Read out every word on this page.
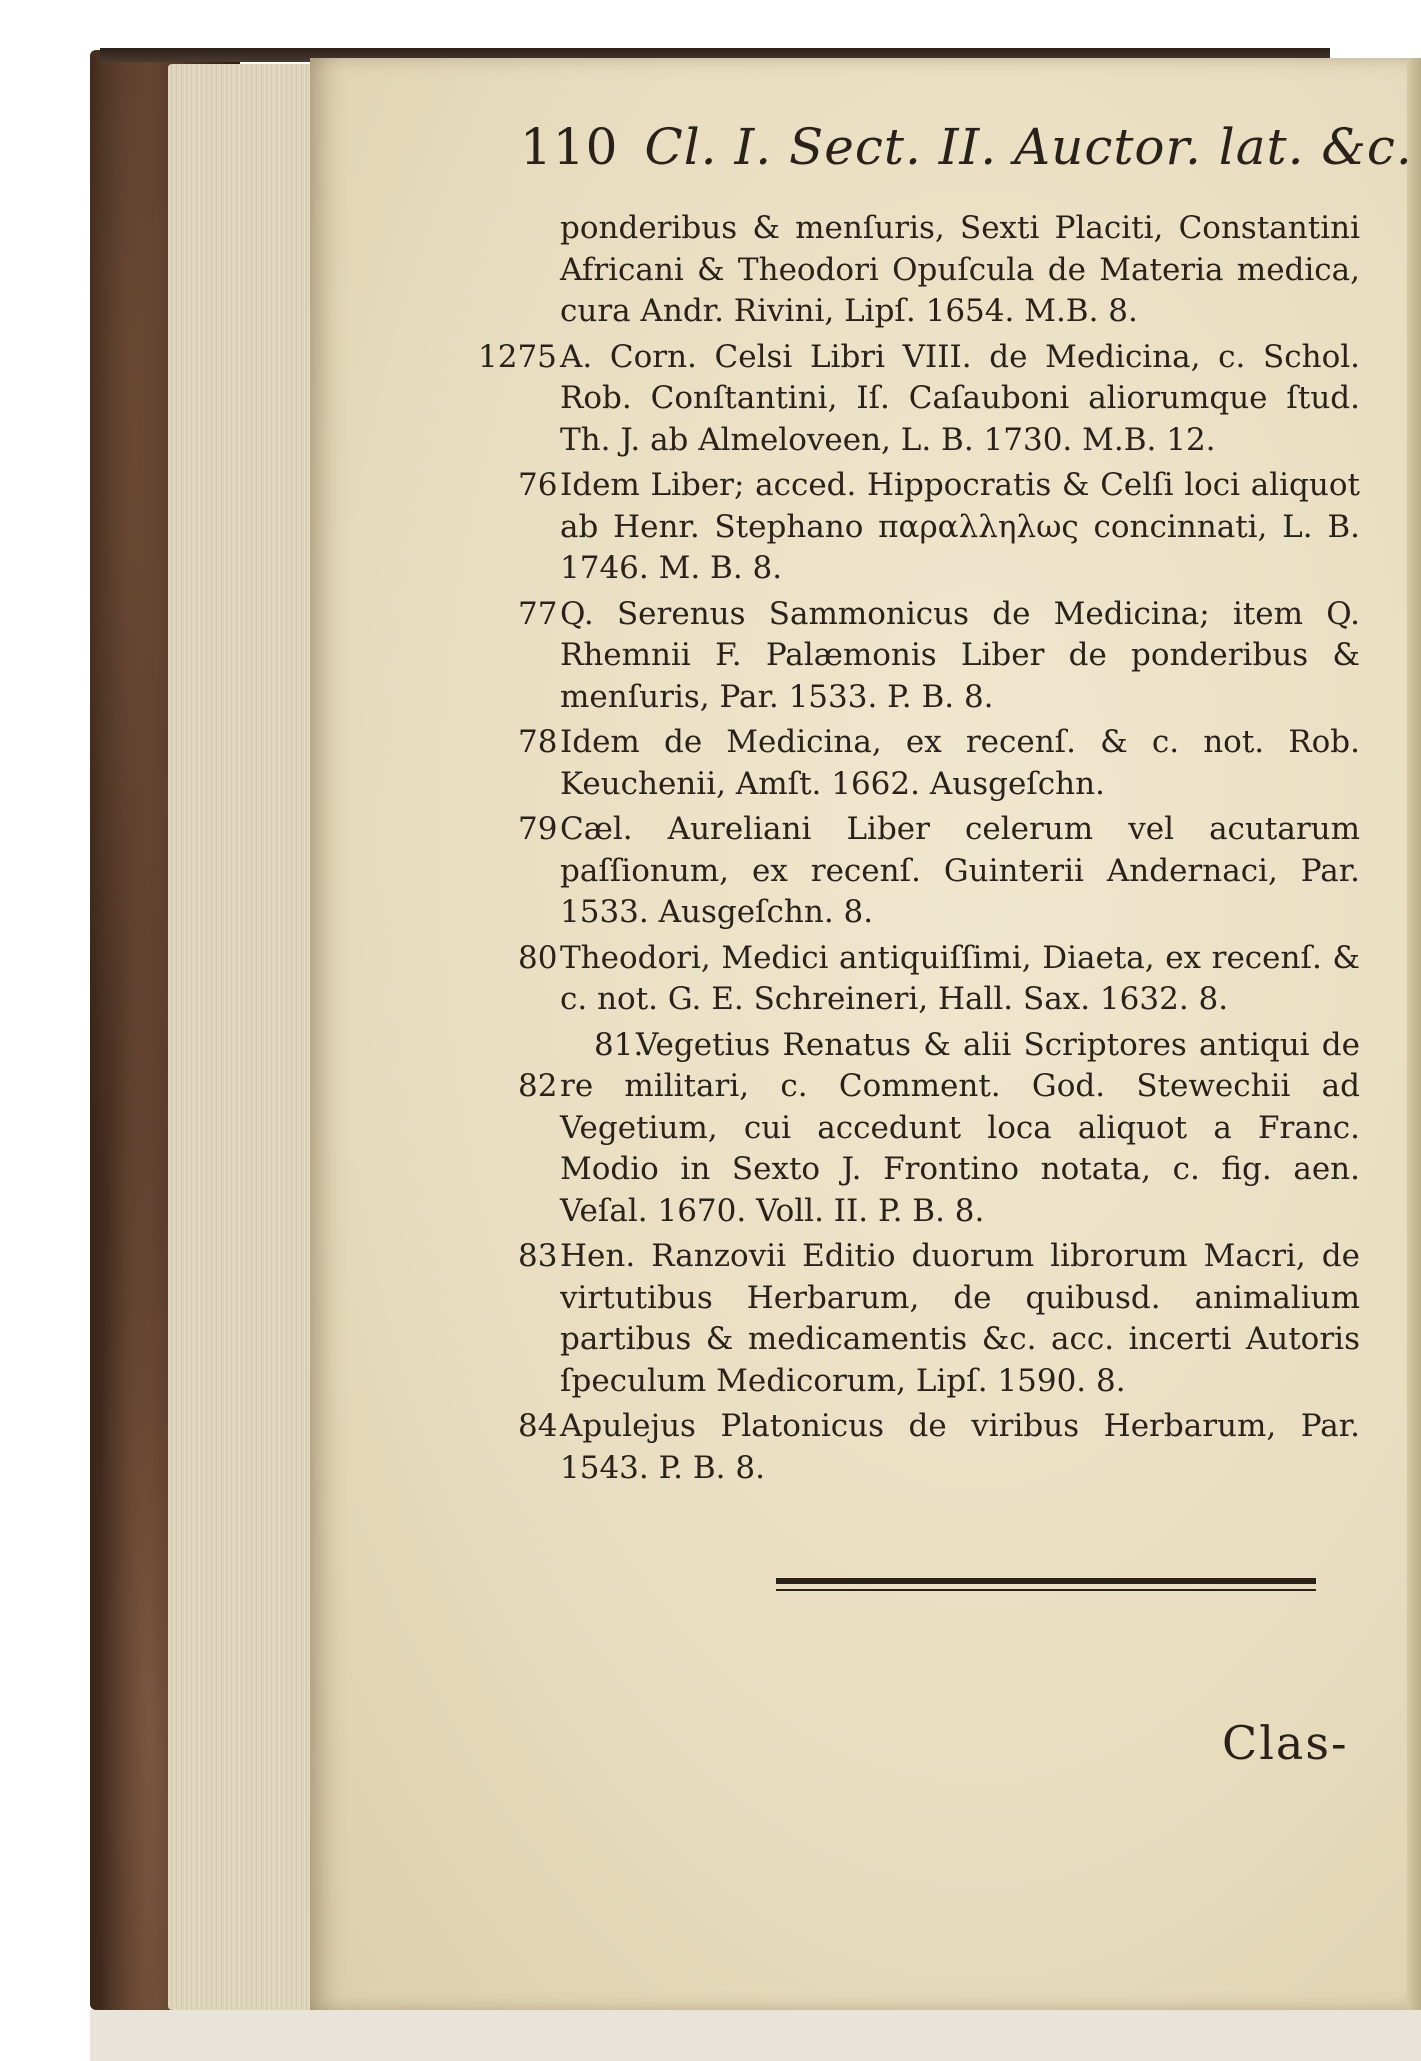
110 Cl. I. Sect. II. Auctor. lat. &c.

ponderibus & menſuris, Sexti Placiti, Constantini Africani & Theodori Opuſcula de Materia medica, cura Andr. Rivini, Lipſ. 1654. M.B. 8.

1275 A. Corn. Celsi Libri VIII. de Medicina, c. Schol. Rob. Conſtantini, Iſ. Caſauboni aliorumque ſtud. Th. J. ab Almeloveen, L. B. 1730. M.B. 12.

76 Idem Liber; acced. Hippocratis & Celſi loci aliquot ab Henr. Stephano παραλληλως concinnati, L. B. 1746. M. B. 8.

77 Q. Serenus Sammonicus de Medicina; item Q. Rhemnii F. Palæmonis Liber de ponderibus & menſuris, Par. 1533. P. B. 8.

78 Idem de Medicina, ex recenſ. & c. not. Rob. Keuchenii, Amſt. 1662. Ausgeſchn.

79 Cæl. Aureliani Liber celerum vel acutarum paſſionum, ex recenſ. Guinterii Andernaci, Par. 1533. Ausgeſchn. 8.

80 Theodori, Medici antiquiſſimi, Diaeta, ex recenſ. & c. not. G. E. Schreineri, Hall. Sax. 1632. 8.

81. 82
Vegetius Renatus & alii Scriptores antiqui de re militari, c. Comment. God. Stewechii ad Vegetium, cui accedunt loca aliquot a Franc. Modio in Sexto J. Frontino notata, c. fig. aen. Veſal. 1670. Voll. II. P. B. 8.

83 Hen. Ranzovii Editio duorum librorum Macri, de virtutibus Herbarum, de quibusd. animalium partibus & medicamentis &c. acc. incerti Autoris ſpeculum Medicorum, Lipſ. 1590. 8.

84 Apulejus Platonicus de viribus Herbarum, Par. 1543. P. B. 8.

Clas-
